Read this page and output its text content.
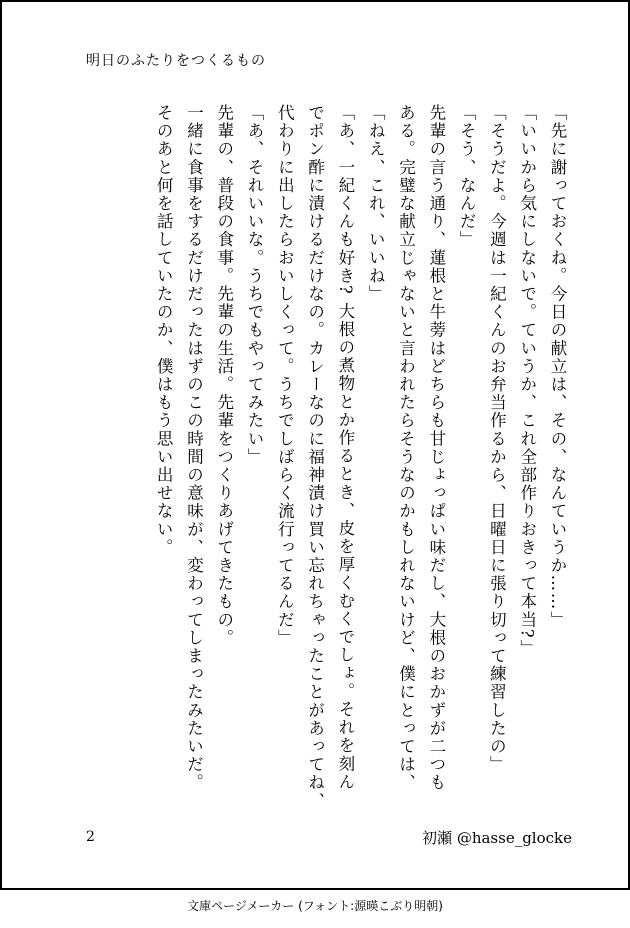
明日のふたりをつくるもの

「先に謝っておくね。今日の献立は、その、なんていうか……」

「いいから気にしないで。ていうか、これ全部作りおきって本当?」

「そうだよ。今週は一紀くんのお弁当作るから、日曜日に張り切って練習したの」

「そう、なんだ」

先輩の言う通り、蓮根と牛蒡はどちらも甘じょっぱい味だし、大根のおかずが二つも

ある。完璧な献立じゃないと言われたらそうなのかもしれないけど、僕にとっては、

「ねえ、これ、いいね」

「あ、一紀くんも好き? 大根の煮物とか作るとき、皮を厚くむくでしょ。それを刻ん

でポン酢に漬けるだけなの。カレーなのに福神漬け買い忘れちゃったことがあってね、

代わりに出したらおいしくって。うちでしばらく流行ってるんだ」

「あ、それいいな。うちでもやってみたい」

先輩の、普段の食事。先輩の生活。先輩をつくりあげてきたもの。

一緒に食事をするだけだったはずのこの時間の意味が、変わってしまったみたいだ。

そのあと何を話していたのか、僕はもう思い出せない。

2	初瀬 @hasse_glocke
文庫ページメーカー (フォント:源暎こぶり明朝)
